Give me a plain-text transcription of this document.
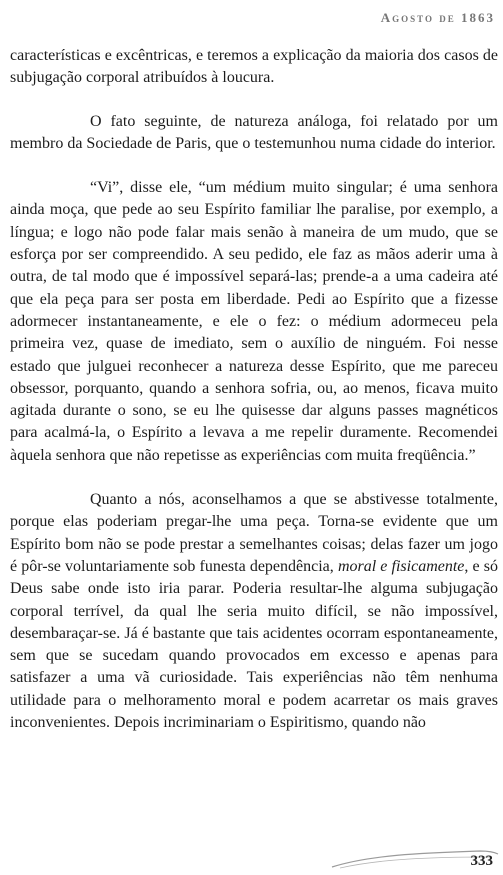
Agosto de 1863

características e excêntricas, e teremos a explicação da maioria dos casos de subjugação corporal atribuídos à loucura.

O fato seguinte, de natureza análoga, foi relatado por um membro da Sociedade de Paris, que o testemunhou numa cidade do interior.

“Vi”, disse ele, “um médium muito singular; é uma senhora ainda moça, que pede ao seu Espírito familiar lhe paralise, por exemplo, a língua; e logo não pode falar mais senão à maneira de um mudo, que se esforça por ser compreendido. A seu pedido, ele faz as mãos aderir uma à outra, de tal modo que é impossível separá-las; prende-a a uma cadeira até que ela peça para ser posta em liberdade. Pedi ao Espírito que a fizesse adormecer instantaneamente, e ele o fez: o médium adormeceu pela primeira vez, quase de imediato, sem o auxílio de ninguém. Foi nesse estado que julguei reconhecer a natureza desse Espírito, que me pareceu obsessor, porquanto, quando a senhora sofria, ou, ao menos, ficava muito agitada durante o sono, se eu lhe quisesse dar alguns passes magnéticos para acalmá-la, o Espírito a levava a me repelir duramente. Recomendei àquela senhora que não repetisse as experiências com muita freqüência.”

Quanto a nós, aconselhamos a que se abstivesse totalmente, porque elas poderiam pregar-lhe uma peça. Torna-se evidente que um Espírito bom não se pode prestar a semelhantes coisas; delas fazer um jogo é pôr-se voluntariamente sob funesta dependência, moral e fisicamente, e só Deus sabe onde isto iria parar. Poderia resultar-lhe alguma subjugação corporal terrível, da qual lhe seria muito difícil, se não impossível, desembaraçar-se. Já é bastante que tais acidentes ocorram espontaneamente, sem que se sucedam quando provocados em excesso e apenas para satisfazer a uma vã curiosidade. Tais experiências não têm nenhuma utilidade para o melhoramento moral e podem acarretar os mais graves inconvenientes. Depois incriminariam o Espiritismo, quando não

333
